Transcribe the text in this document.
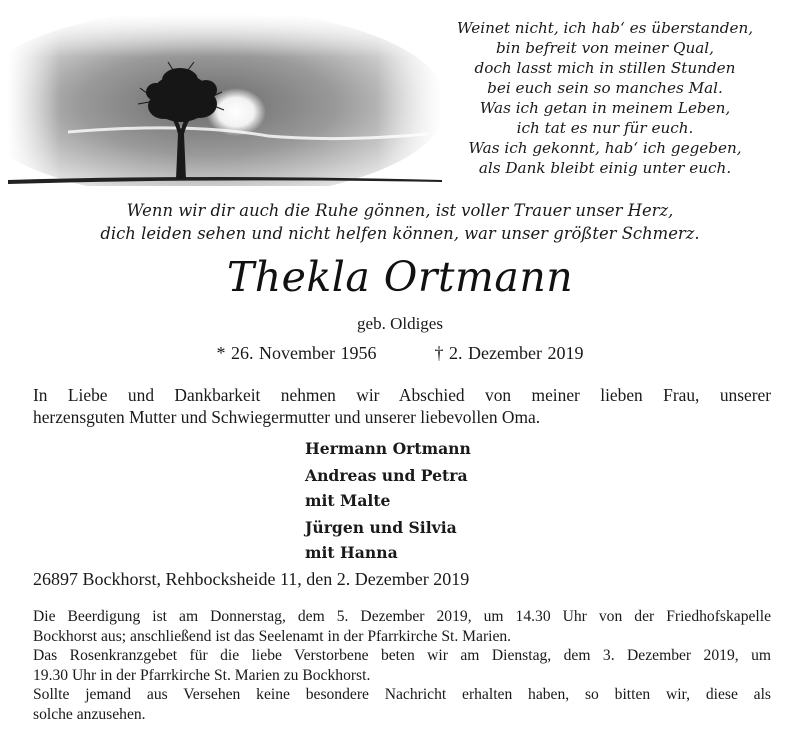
Weinet nicht, ich hab‘ es überstanden,
bin befreit von meiner Qual,
doch lasst mich in stillen Stunden
bei euch sein so manches Mal.
Was ich getan in meinem Leben,
ich tat es nur für euch.
Was ich gekonnt, hab‘ ich gegeben,
als Dank bleibt einig unter euch.
Wenn wir dir auch die Ruhe gönnen, ist voller Trauer unser Herz,
dich leiden sehen und nicht helfen können, war unser größter Schmerz.
Thekla Ortmann
geb. Oldiges
* 26. November 1956	† 2. Dezember 2019
In Liebe und Dankbarkeit nehmen wir Abschied von meiner lieben Frau, unserer
herzensguten Mutter und Schwiegermutter und unserer liebevollen Oma.
Hermann Ortmann
Andreas und Petra
mit Malte
Jürgen und Silvia
mit Hanna
26897 Bockhorst, Rehbocksheide 11, den 2. Dezember 2019
Die Beerdigung ist am Donnerstag, dem 5. Dezember 2019, um 14.30 Uhr von der Friedhofskapelle
Bockhorst aus; anschließend ist das Seelenamt in der Pfarrkirche St. Marien.
Das Rosenkranzgebet für die liebe Verstorbene beten wir am Dienstag, dem 3. Dezember 2019, um
19.30 Uhr in der Pfarrkirche St. Marien zu Bockhorst.
Sollte jemand aus Versehen keine besondere Nachricht erhalten haben, so bitten wir, diese als
solche anzusehen.
